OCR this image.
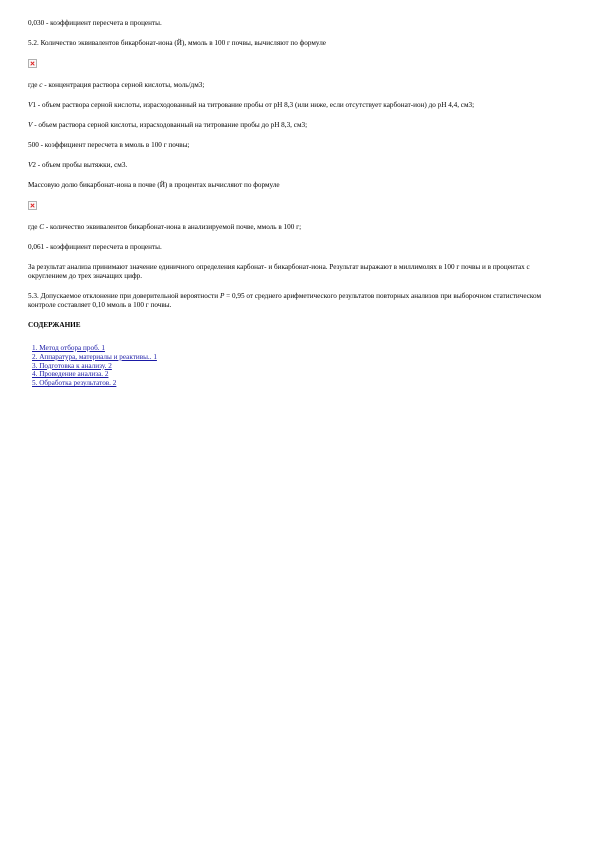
0,030 - коэффициент пересчета в проценты.

5.2. Количество эквивалентов бикарбонат-иона (Й), ммоль в 100 г почвы, вычисляют по формуле

где с - концентрация раствора серной кислоты, моль/дм3;

V1 - объем раствора серной кислоты, израсходованный на титрование пробы от рН 8,3 (или ниже, если отсутствует карбонат-ион) до рН 4,4, см3;

V - объем раствора серной кислоты, израсходованный на титрование пробы до рН 8,3, см3;

500 - коэффициент пересчета в ммоль в 100 г почвы;

V2 - объем пробы вытяжки, см3.

Массовую долю бикарбонат-иона в почве (Й) в процентах вычисляют по формуле

где С - количество эквивалентов бикарбонат-иона в анализируемой почве, ммоль в 100 г;

0,061 - коэффициент пересчета в проценты.

За результат анализа принимают значение единичного определения карбонат- и бикарбонат-иона. Результат выражают в миллимолях в 100 г почвы и в процентах с округлением до трех значащих цифр.

5.3. Допускаемое отклонение при доверительной вероятности Р = 0,95 от среднего арифметического результатов повторных анализов при выборочном статистическом контроле составляет 0,10 ммоль в 100 г почвы.

СОДЕРЖАНИЕ
1. Метод отбора проб. 1
2. Аппаратура, материалы и реактивы.. 1
3. Подготовка к анализу. 2
4. Проведение анализа. 2
5. Обработка результатов. 2
